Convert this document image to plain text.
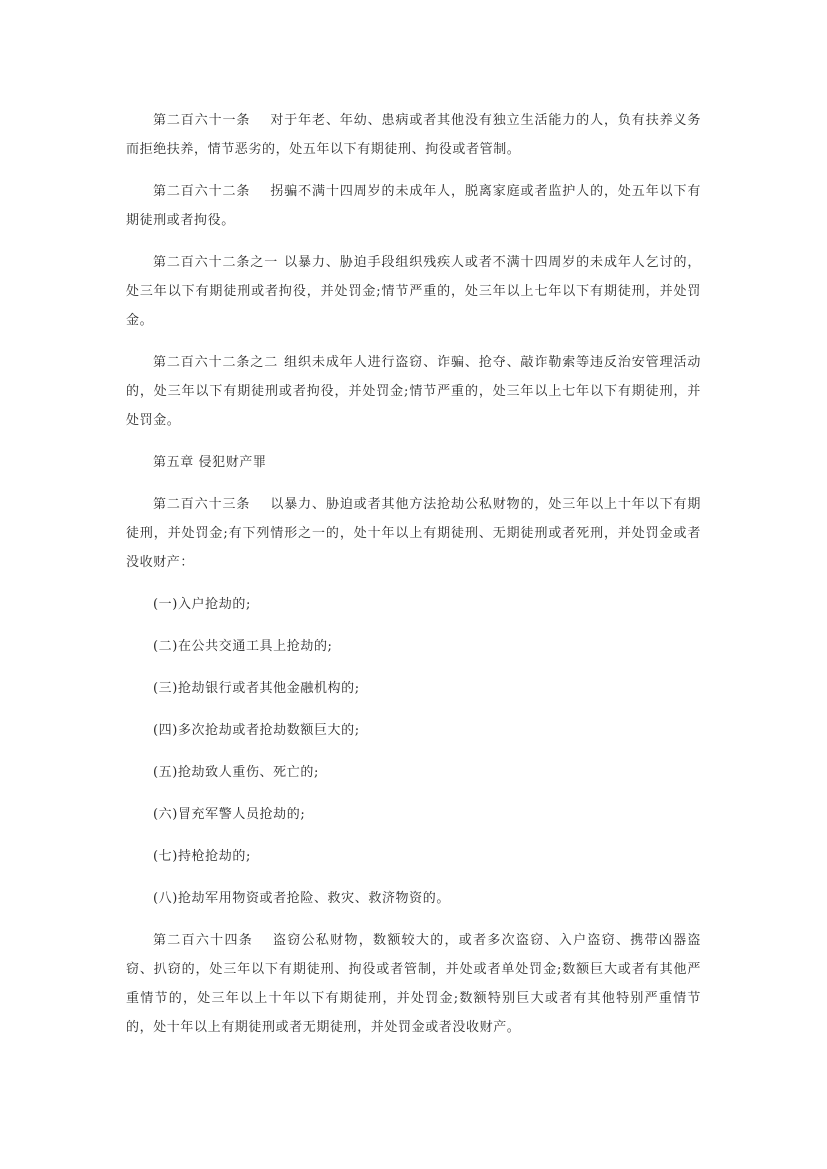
第二百六十一条 对于年老、年幼、患病或者其他没有独立生活能力的人，负有扶养义务而拒绝扶养，情节恶劣的，处五年以下有期徒刑、拘役或者管制。

第二百六十二条 拐骗不满十四周岁的未成年人，脱离家庭或者监护人的，处五年以下有期徒刑或者拘役。

第二百六十二条之一 以暴力、胁迫手段组织残疾人或者不满十四周岁的未成年人乞讨的，处三年以下有期徒刑或者拘役，并处罚金;情节严重的，处三年以上七年以下有期徒刑，并处罚金。

第二百六十二条之二 组织未成年人进行盗窃、诈骗、抢夺、敲诈勒索等违反治安管理活动的，处三年以下有期徒刑或者拘役，并处罚金;情节严重的，处三年以上七年以下有期徒刑，并处罚金。

第五章 侵犯财产罪

第二百六十三条 以暴力、胁迫或者其他方法抢劫公私财物的，处三年以上十年以下有期徒刑，并处罚金;有下列情形之一的，处十年以上有期徒刑、无期徒刑或者死刑，并处罚金或者没收财产：

(一)入户抢劫的;

(二)在公共交通工具上抢劫的;

(三)抢劫银行或者其他金融机构的;

(四)多次抢劫或者抢劫数额巨大的;

(五)抢劫致人重伤、死亡的;

(六)冒充军警人员抢劫的;

(七)持枪抢劫的;

(八)抢劫军用物资或者抢险、救灾、救济物资的。

第二百六十四条 盗窃公私财物，数额较大的，或者多次盗窃、入户盗窃、携带凶器盗窃、扒窃的，处三年以下有期徒刑、拘役或者管制，并处或者单处罚金;数额巨大或者有其他严重情节的，处三年以上十年以下有期徒刑，并处罚金;数额特别巨大或者有其他特别严重情节的，处十年以上有期徒刑或者无期徒刑，并处罚金或者没收财产。
